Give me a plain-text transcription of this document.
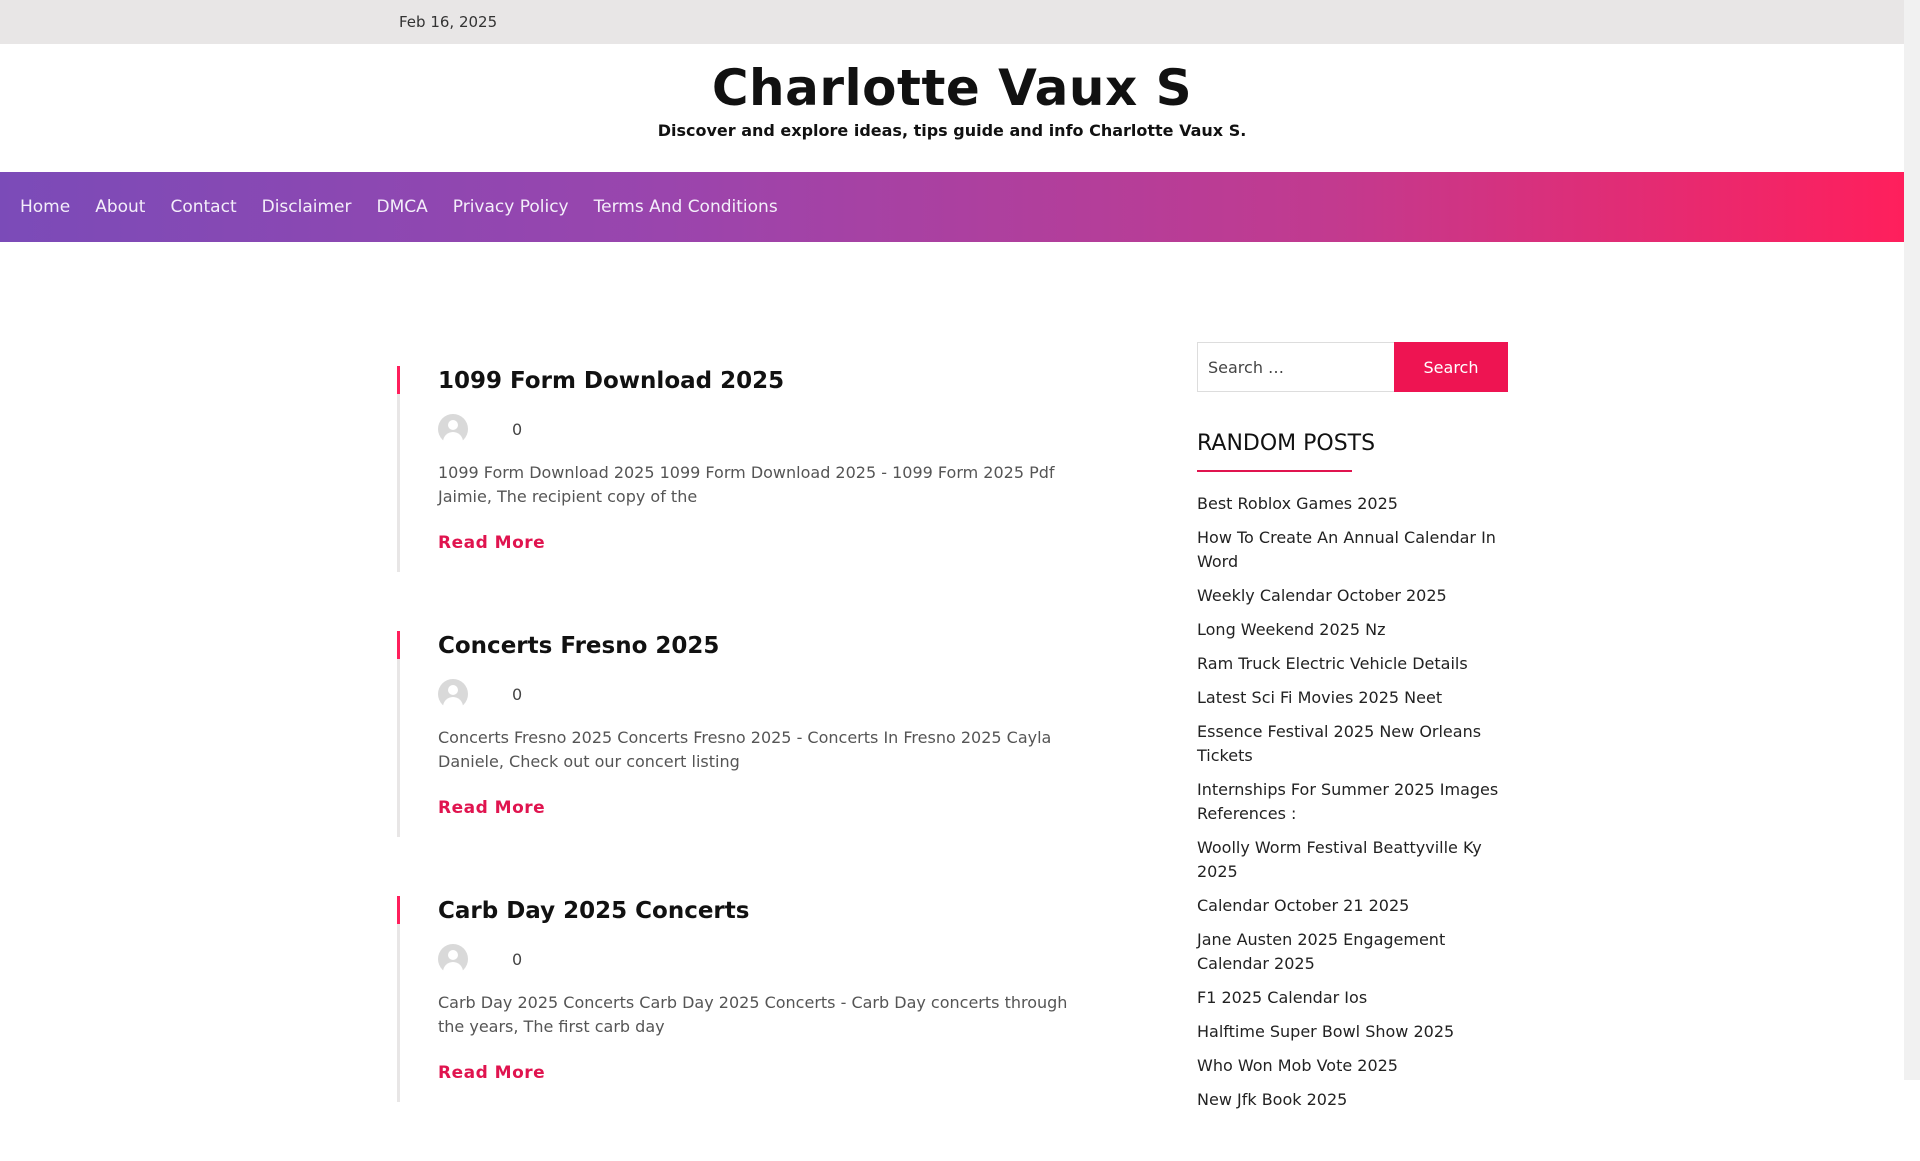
Feb 16, 2025
Charlotte Vaux S

Discover and explore ideas, tips guide and info Charlotte Vaux S.

Home	About	Contact	Disclaimer	DMCA	Privacy Policy	Terms And Conditions
1099 Form Download 2025
0

1099 Form Download 2025 1099 Form Download 2025 - 1099 Form 2025 Pdf Jaimie, The recipient copy of the

Read More
Concerts Fresno 2025
0

Concerts Fresno 2025 Concerts Fresno 2025 - Concerts In Fresno 2025 Cayla Daniele, Check out our concert listing

Read More
Carb Day 2025 Concerts
0

Carb Day 2025 Concerts Carb Day 2025 Concerts - Carb Day concerts through the years, The first carb day

Read More
Search …
Search
RANDOM POSTS
Best Roblox Games 2025
How To Create An Annual Calendar In Word
Weekly Calendar October 2025
Long Weekend 2025 Nz
Ram Truck Electric Vehicle Details
Latest Sci Fi Movies 2025 Neet
Essence Festival 2025 New Orleans Tickets
Internships For Summer 2025 Images References :
Woolly Worm Festival Beattyville Ky 2025
Calendar October 21 2025
Jane Austen 2025 Engagement Calendar 2025
F1 2025 Calendar Ios
Halftime Super Bowl Show 2025
Who Won Mob Vote 2025
New Jfk Book 2025
